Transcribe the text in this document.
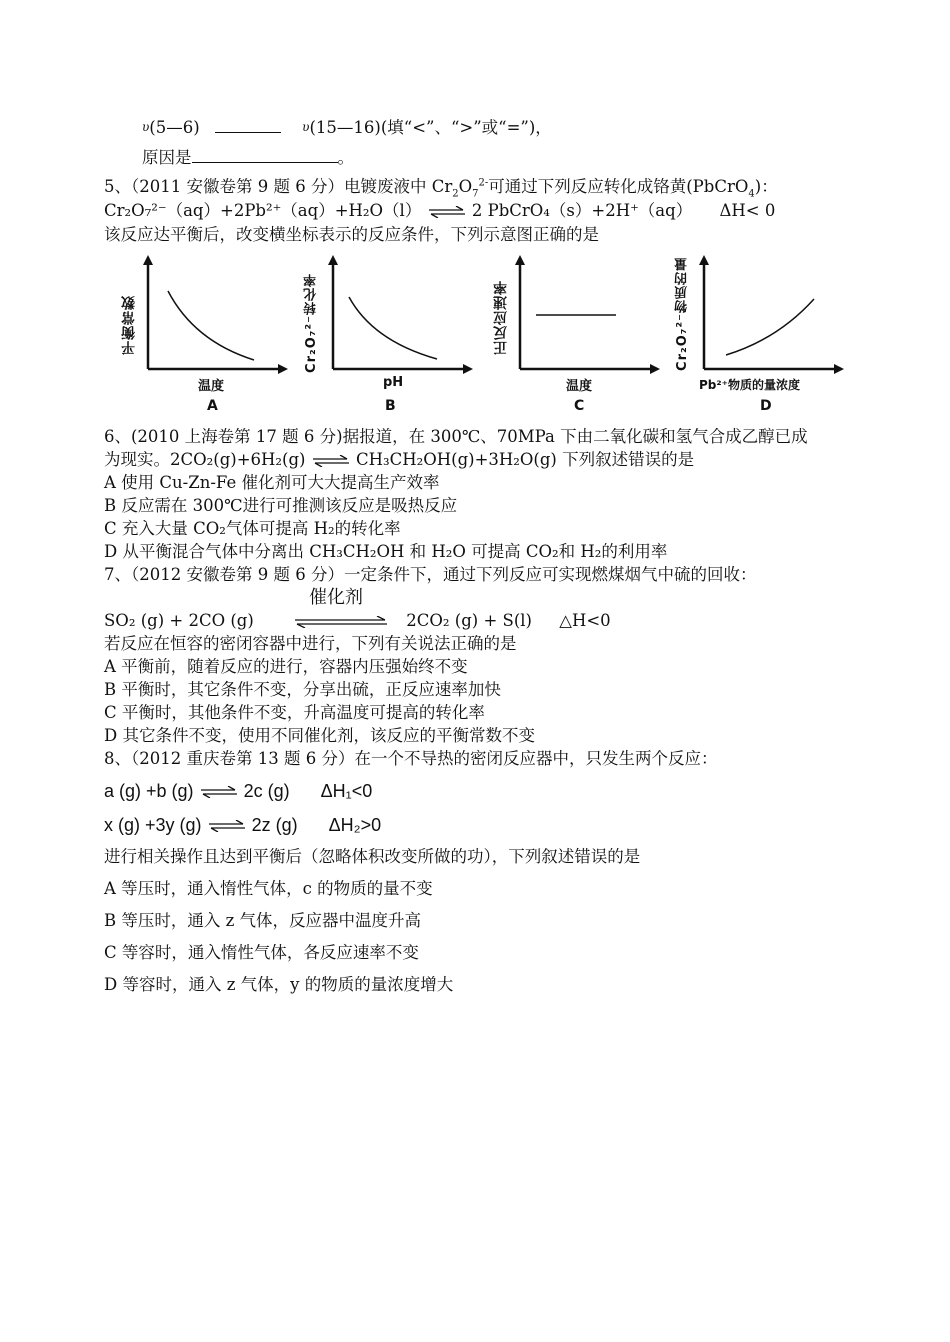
$^\upsilon$(5—6)	$^\upsilon$(15—16)(填“<”、“>”或“=”)，
原因是	。
5、（2011 安徽卷第 9 题 6 分）电镀废液中 $Cr_2O_7^{2-}$可通过下列反应转化成铬黄(PbCrO$_4$)：
Cr₂O₇²⁻（aq）+2Pb²⁺（aq）+H₂O（l） ⇌ 2 PbCrO₄（s）+2H⁺（aq） ΔH< 0
该反应达平衡后，改变横坐标表示的反应条件，下列示意图正确的是
平衡常数
温度
A
Cr₂O₇²⁻转化率
pH
B
正反应速率
温度
C
Cr₂O₇²⁻物质的量
Pb²⁺物质的量浓度
D
6、(2010 上海卷第 17 题 6 分)据报道，在 300℃、70MPa 下由二氧化碳和氢气合成乙醇已成
为现实。2CO₂(g)+6H₂(g) ⇌ CH₃CH₂OH(g)+3H₂O(g) 下列叙述错误的是
A 使用 Cu-Zn-Fe 催化剂可大大提高生产效率
B 反应需在 300℃进行可推测该反应是吸热反应
C 充入大量 CO₂气体可提高 H₂的转化率
D 从平衡混合气体中分离出 CH₃CH₂OH 和 H₂O 可提高 CO₂和 H₂的利用率
7、（2012 安徽卷第 9 题 6 分）一定条件下，通过下列反应可实现燃煤烟气中硫的回收：
催化剂
SO₂ (g) + 2CO (g)	2CO₂ (g) + S(l) △H<0
若反应在恒容的密闭容器中进行，下列有关说法正确的是
A 平衡前，随着反应的进行，容器内压强始终不变
B 平衡时，其它条件不变，分享出硫，正反应速率加快
C 平衡时，其他条件不变，升高温度可提高的转化率
D 其它条件不变，使用不同催化剂，该反应的平衡常数不变
8、（2012 重庆卷第 13 题 6 分）在一个不导热的密闭反应器中，只发生两个反应：
a (g) +b (g) ⇌ 2c (g) ΔH₁<0
x (g) +3y (g) ⇌ 2z (g) ΔH₂>0
进行相关操作且达到平衡后（忽略体积改变所做的功），下列叙述错误的是
A 等压时，通入惰性气体，c 的物质的量不变
B 等压时，通入 z 气体，反应器中温度升高
C 等容时，通入惰性气体，各反应速率不变
D 等容时，通入 z 气体，y 的物质的量浓度增大
